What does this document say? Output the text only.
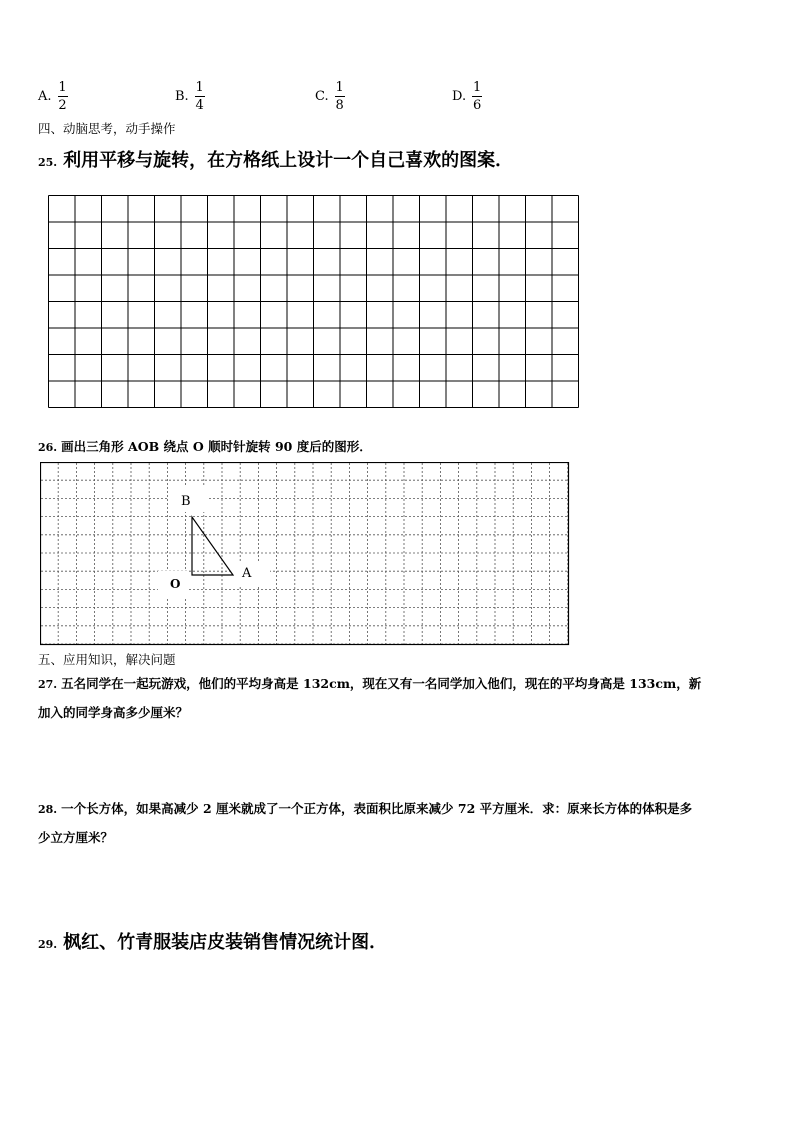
A. $\frac{1}{2}$	B. $\frac{1}{4}$	C. $\frac{1}{8}$	D. $\frac{1}{6}$
四、动脑思考，动手操作
25. 利用平移与旋转，在方格纸上设计一个自己喜欢的图案．
26. 画出三角形 AOB 绕点 O 顺时针旋转 90 度后的图形．
B
A
O
五、应用知识，解决问题
27. 五名同学在一起玩游戏，他们的平均身高是 132cm，现在又有一名同学加入他们，现在的平均身高是 133cm，新
加入的同学身高多少厘米？
28. 一个长方体，如果高减少 2 厘米就成了一个正方体，表面积比原来减少 72 平方厘米．求：原来长方体的体积是多
少立方厘米？
29. 枫红、竹青服装店皮装销售情况统计图．
